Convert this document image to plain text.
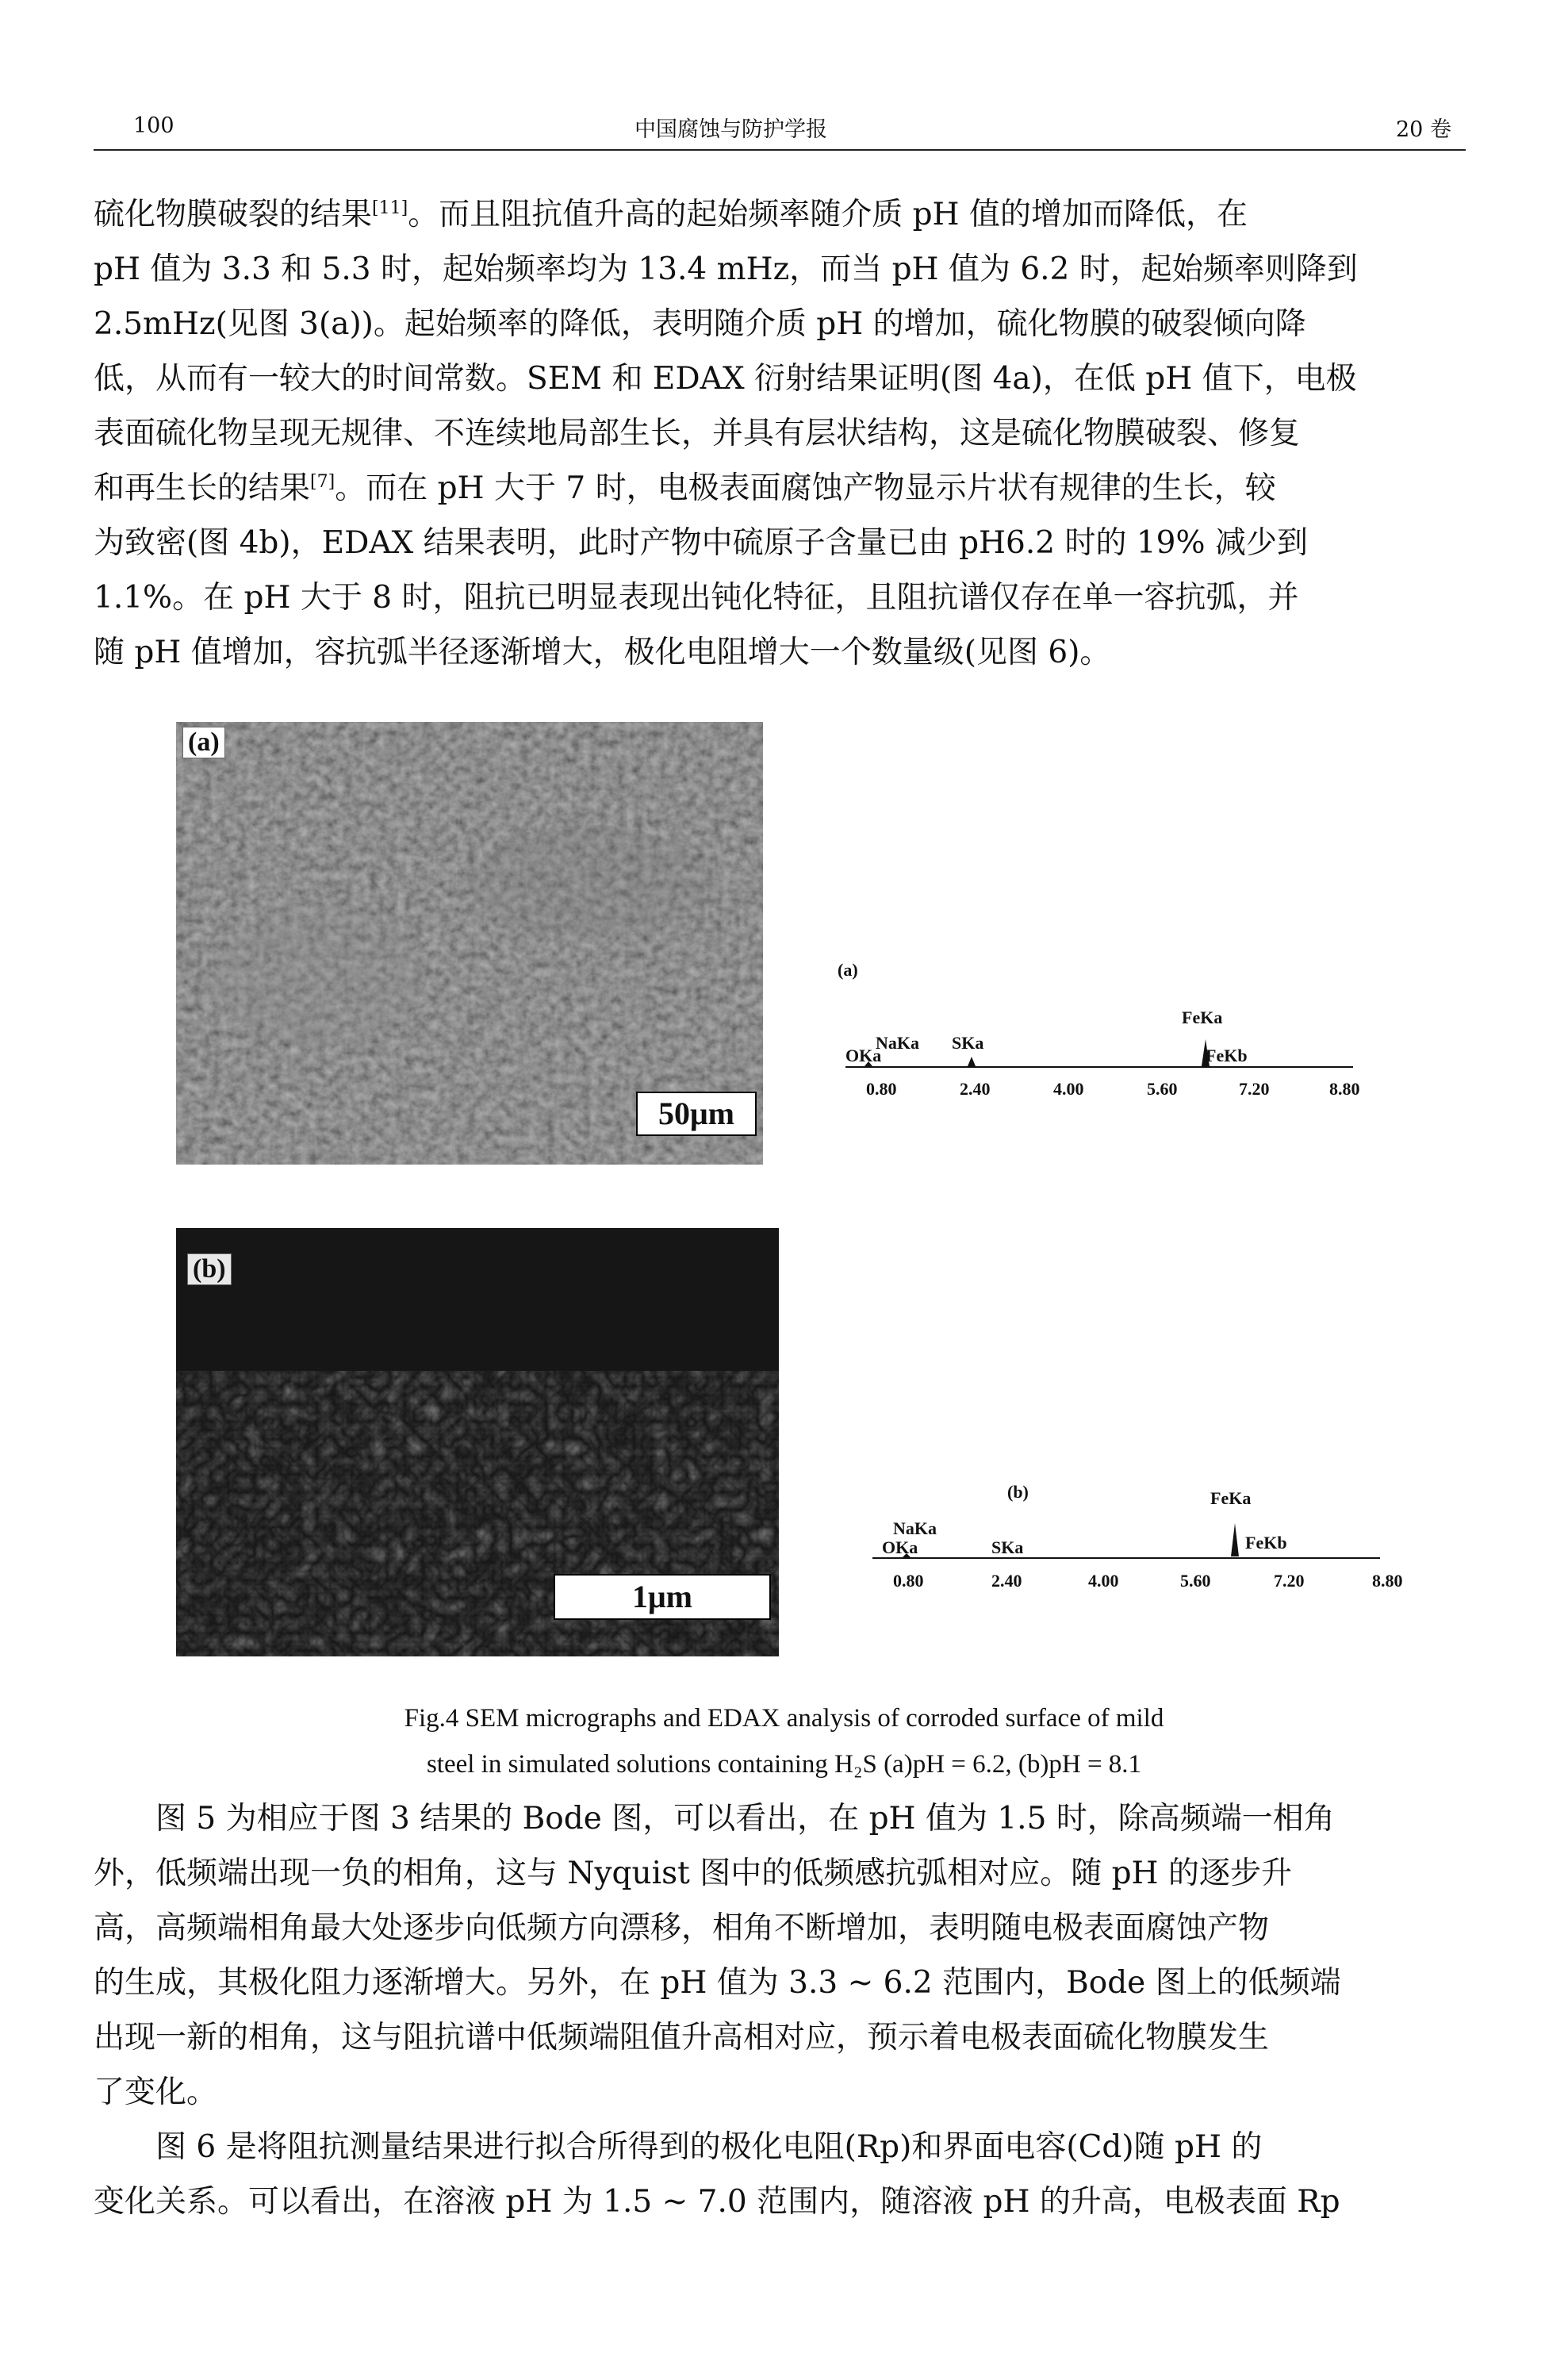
100	中国腐蚀与防护学报	20 卷
硫化物膜破裂的结果[11]。而且阻抗值升高的起始频率随介质 pH 值的增加而降低，在
pH 值为 3.3 和 5.3 时，起始频率均为 13.4 mHz，而当 pH 值为 6.2 时，起始频率则降到
2.5mHz(见图 3(a))。起始频率的降低，表明随介质 pH 的增加，硫化物膜的破裂倾向降
低，从而有一较大的时间常数。SEM 和 EDAX 衍射结果证明(图 4a)，在低 pH 值下，电极
表面硫化物呈现无规律、不连续地局部生长，并具有层状结构，这是硫化物膜破裂、修复
和再生长的结果[7]。而在 pH 大于 7 时，电极表面腐蚀产物显示片状有规律的生长，较
为致密(图 4b)，EDAX 结果表明，此时产物中硫原子含量已由 pH6.2 时的 19% 减少到
1.1%。在 pH 大于 8 时，阻抗已明显表现出钝化特征，且阻抗谱仅存在单一容抗弧，并
随 pH 值增加，容抗弧半径逐渐增大，极化电阻增大一个数量级(见图 6)。
(a)
50μm
(b)
1μm
(a)
FeKa
NaKa SKa
OKa	FeKb
0.80	2.40	4.00	5.60	7.20	8.80
(b)	FeKa
NaKa
OKa	SKa	FeKb
0.80	2.40	4.00	5.60	7.20	8.80
Fig.4 SEM micrographs and EDAX analysis of corroded surface of mild
steel in simulated solutions containing H₂S (a)pH = 6.2, (b)pH = 8.1
图 5 为相应于图 3 结果的 Bode 图，可以看出，在 pH 值为 1.5 时，除高频端一相角
外，低频端出现一负的相角，这与 Nyquist 图中的低频感抗弧相对应。随 pH 的逐步升
高，高频端相角最大处逐步向低频方向漂移，相角不断增加，表明随电极表面腐蚀产物
的生成，其极化阻力逐渐增大。另外，在 pH 值为 3.3 ~ 6.2 范围内，Bode 图上的低频端
出现一新的相角，这与阻抗谱中低频端阻值升高相对应，预示着电极表面硫化物膜发生
了变化。
图 6 是将阻抗测量结果进行拟合所得到的极化电阻(Rp)和界面电容(Cd)随 pH 的
变化关系。可以看出，在溶液 pH 为 1.5 ~ 7.0 范围内，随溶液 pH 的升高，电极表面 Rp
